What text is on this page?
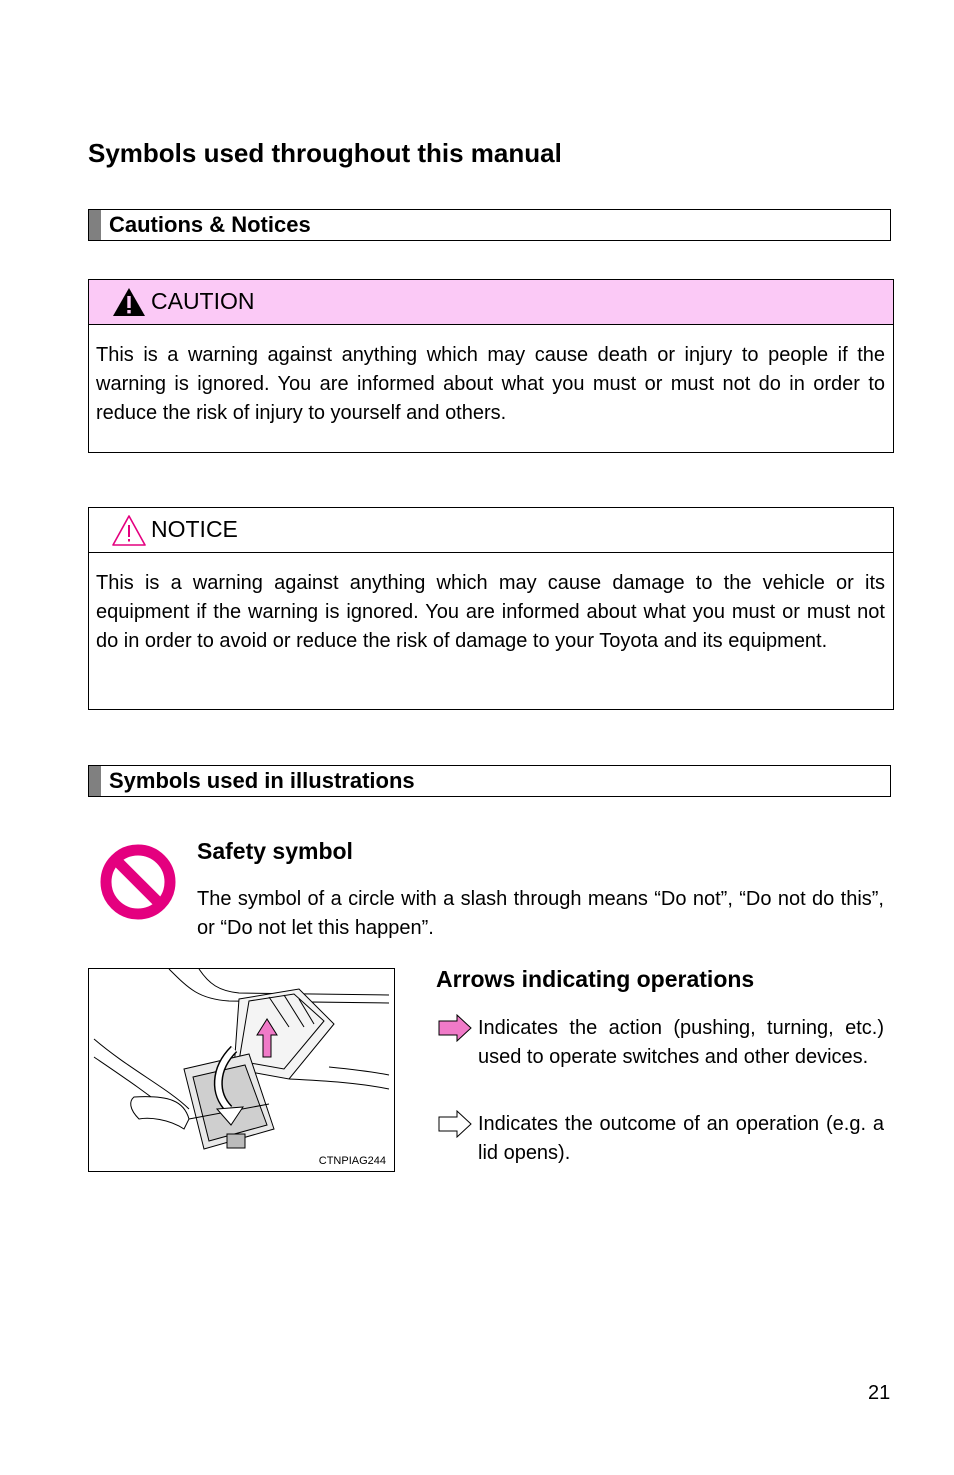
Symbols used throughout this manual
Cautions & Notices
CAUTION
This is a warning against anything which may cause death or injury to people if the warning is ignored. You are informed about what you must or must not do in order to reduce the risk of injury to yourself and others.
NOTICE
This is a warning against anything which may cause damage to the vehicle or its equipment if the warning is ignored. You are informed about what you must or must not do in order to avoid or reduce the risk of damage to your Toyota and its equipment.
Symbols used in illustrations
Safety symbol
The symbol of a circle with a slash through means “Do not”, “Do not do this”, or “Do not let this happen”.
CTNPIAG244
Arrows indicating operations
Indicates the action (pushing, turning, etc.) used to operate switches and other devices.
Indicates the outcome of an operation (e.g. a lid opens).
21
